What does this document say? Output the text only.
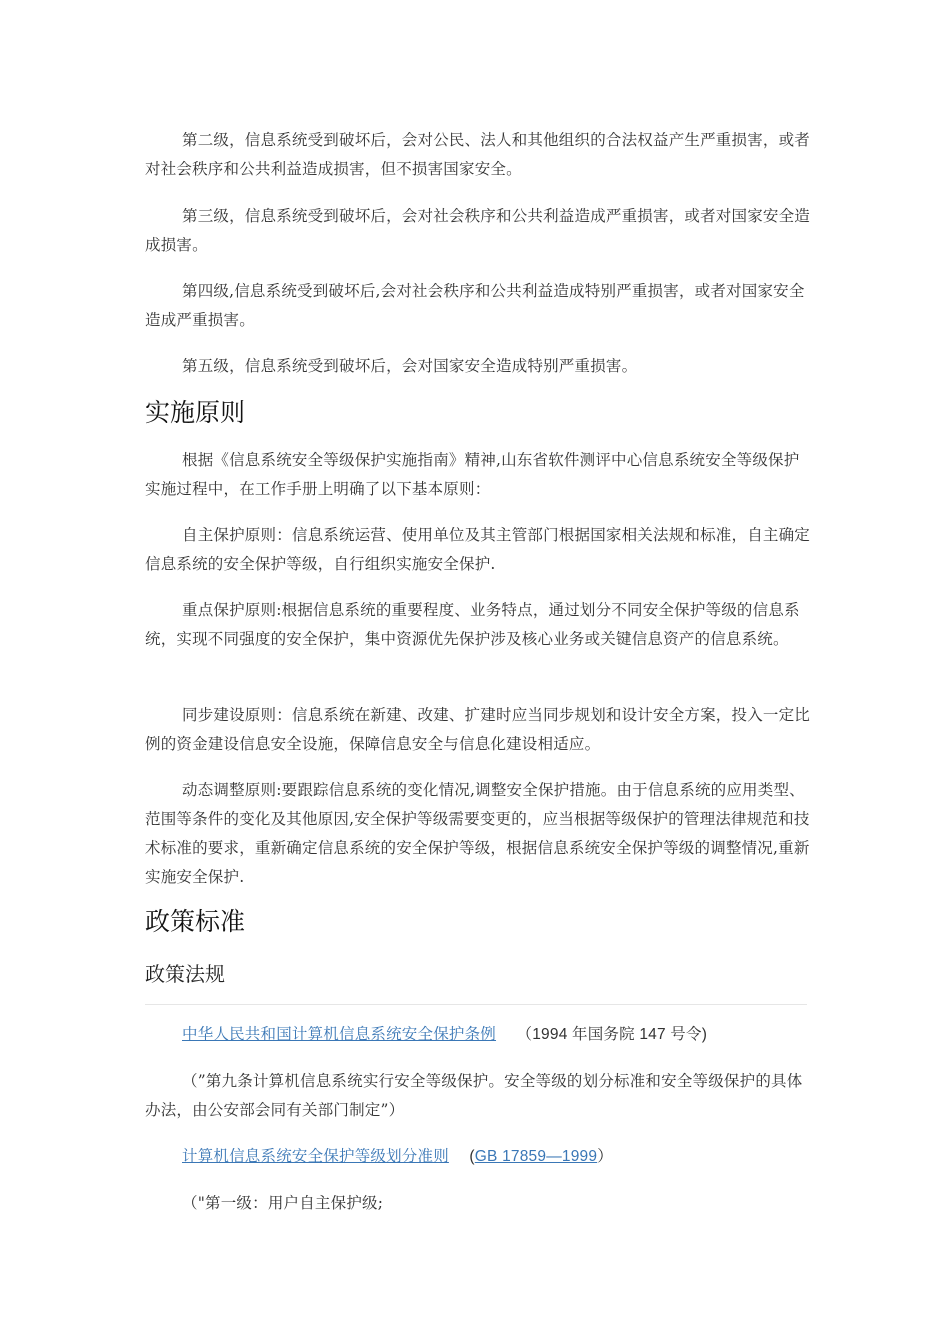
第二级，信息系统受到破坏后，会对公民、法人和其他组织的合法权益产生严重损害，或者对社会秩序和公共利益造成损害，但不损害国家安全。

第三级，信息系统受到破坏后，会对社会秩序和公共利益造成严重损害，或者对国家安全造成损害。

第四级,信息系统受到破坏后,会对社会秩序和公共利益造成特别严重损害，或者对国家安全造成严重损害。

第五级，信息系统受到破坏后，会对国家安全造成特别严重损害。

实施原则

根据《信息系统安全等级保护实施指南》精神,山东省软件测评中心信息系统安全等级保护实施过程中，在工作手册上明确了以下基本原则：

自主保护原则：信息系统运营、使用单位及其主管部门根据国家相关法规和标准，自主确定信息系统的安全保护等级，自行组织实施安全保护.

重点保护原则:根据信息系统的重要程度、业务特点，通过划分不同安全保护等级的信息系统，实现不同强度的安全保护，集中资源优先保护涉及核心业务或关键信息资产的信息系统。

同步建设原则：信息系统在新建、改建、扩建时应当同步规划和设计安全方案，投入一定比例的资金建设信息安全设施，保障信息安全与信息化建设相适应。

动态调整原则:要跟踪信息系统的变化情况,调整安全保护措施。由于信息系统的应用类型、范围等条件的变化及其他原因,安全保护等级需要变更的，应当根据等级保护的管理法律规范和技术标准的要求，重新确定信息系统的安全保护等级，根据信息系统安全保护等级的调整情况,重新实施安全保护.

政策标准
政策法规

中华人民共和国计算机信息系统安全保护条例 （1994 年国务院 147 号令)

（”第九条计算机信息系统实行安全等级保护。安全等级的划分标准和安全等级保护的具体办法，由公安部会同有关部门制定”）

计算机信息系统安全保护等级划分准则 (GB 17859—1999）

（"第一级：用户自主保护级;
